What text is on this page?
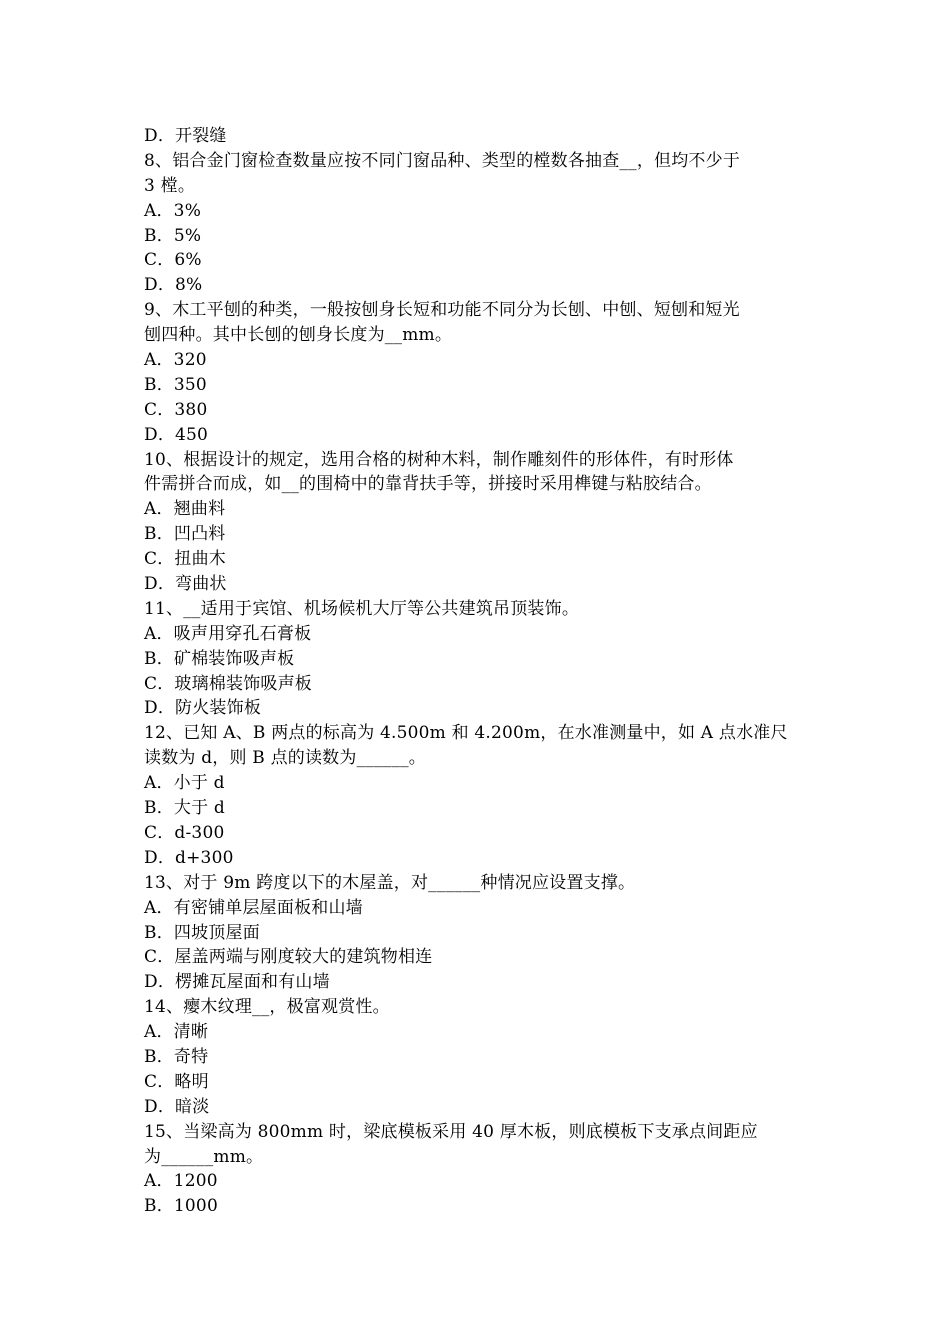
D．开裂缝
8、铝合金门窗检查数量应按不同门窗品种、类型的樘数各抽查__，但均不少于
3 樘。
A．3%
B．5%
C．6%
D．8%
9、木工平刨的种类，一般按刨身长短和功能不同分为长刨、中刨、短刨和短光
刨四种。其中长刨的刨身长度为__mm。
A．320
B．350
C．380
D．450
10、根据设计的规定，选用合格的树种木料，制作雕刻件的形体件，有时形体
件需拼合而成，如__的围椅中的靠背扶手等，拼接时采用榫键与粘胶结合。
A．翘曲料
B．凹凸料
C．扭曲木
D．弯曲状
11、__适用于宾馆、机场候机大厅等公共建筑吊顶装饰。
A．吸声用穿孔石膏板
B．矿棉装饰吸声板
C．玻璃棉装饰吸声板
D．防火装饰板
12、已知 A、B 两点的标高为 4.500m 和 4.200m，在水准测量中，如 A 点水准尺
读数为 d，则 B 点的读数为______。
A．小于 d
B．大于 d
C．d-300
D．d+300
13、对于 9m 跨度以下的木屋盖，对______种情况应设置支撑。
A．有密铺单层屋面板和山墙
B．四坡顶屋面
C．屋盖两端与刚度较大的建筑物相连
D．楞摊瓦屋面和有山墙
14、瘿木纹理__，极富观赏性。
A．清晰
B．奇特
C．略明
D．暗淡
15、当梁高为 800mm 时，梁底模板采用 40 厚木板，则底模板下支承点间距应
为______mm。
A．1200
B．1000
